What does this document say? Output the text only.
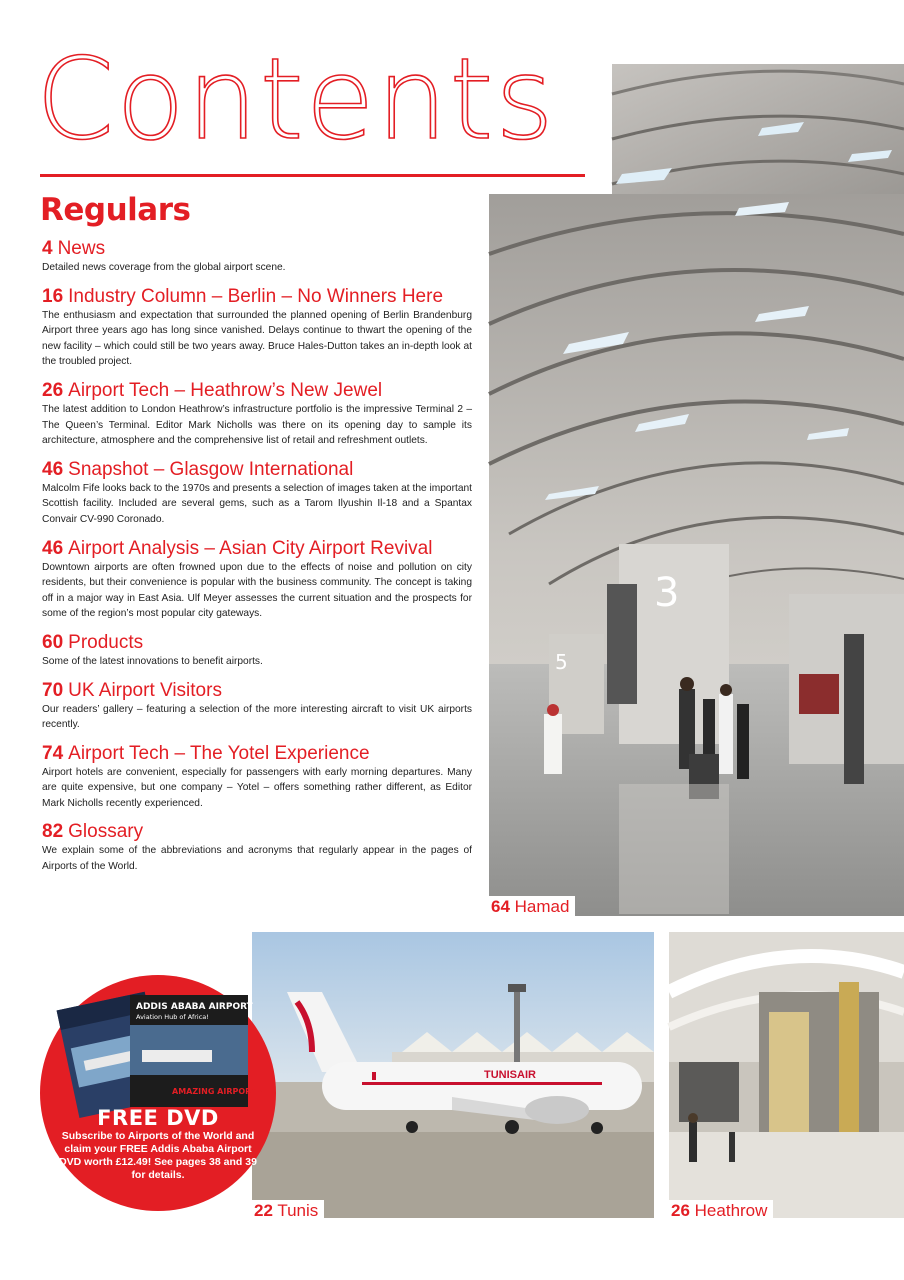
Contents
Regulars
4 News
Detailed news coverage from the global airport scene.
16 Industry Column – Berlin – No Winners Here
The enthusiasm and expectation that surrounded the planned opening of Berlin Brandenburg Airport three years ago has long since vanished. Delays continue to thwart the opening of the new facility – which could still be two years away. Bruce Hales-Dutton takes an in-depth look at the troubled project.
26 Airport Tech – Heathrow’s New Jewel
The latest addition to London Heathrow’s infrastructure portfolio is the impressive Terminal 2 – The Queen’s Terminal. Editor Mark Nicholls was there on its opening day to sample its architecture, atmosphere and the comprehensive list of retail and refreshment outlets.
46 Snapshot – Glasgow International
Malcolm Fife looks back to the 1970s and presents a selection of images taken at the important Scottish facility. Included are several gems, such as a Tarom Ilyushin Il-18 and a Spantax Convair CV-990 Coronado.
46 Airport Analysis – Asian City Airport Revival
Downtown airports are often frowned upon due to the effects of noise and pollution on city residents, but their convenience is popular with the business community. The concept is taking off in a major way in East Asia. Ulf Meyer assesses the current situation and the prospects for some of the region’s most popular city gateways.
60 Products
Some of the latest innovations to benefit airports.
70 UK Airport Visitors
Our readers’ gallery – featuring a selection of the more interesting aircraft to visit UK airports recently.
74 Airport Tech – The Yotel Experience
Airport hotels are convenient, especially for passengers with early morning departures. Many are quite expensive, but one company – Yotel – offers something rather different, as Editor Mark Nicholls recently experienced.
82 Glossary
We explain some of the abbreviations and acronyms that regularly appear in the pages of Airports of the World.
3
5
64 Hamad
TUNISAIR
22 Tunis	26 Heathrow
ADDIS ABABA AIRPORT
Aviation Hub of Africa!
AMAZING AIRPORTS
FREE DVD
Subscribe to Airports of the World and claim your FREE Addis Ababa Airport DVD worth £12.49! See pages 38 and 39 for details.
